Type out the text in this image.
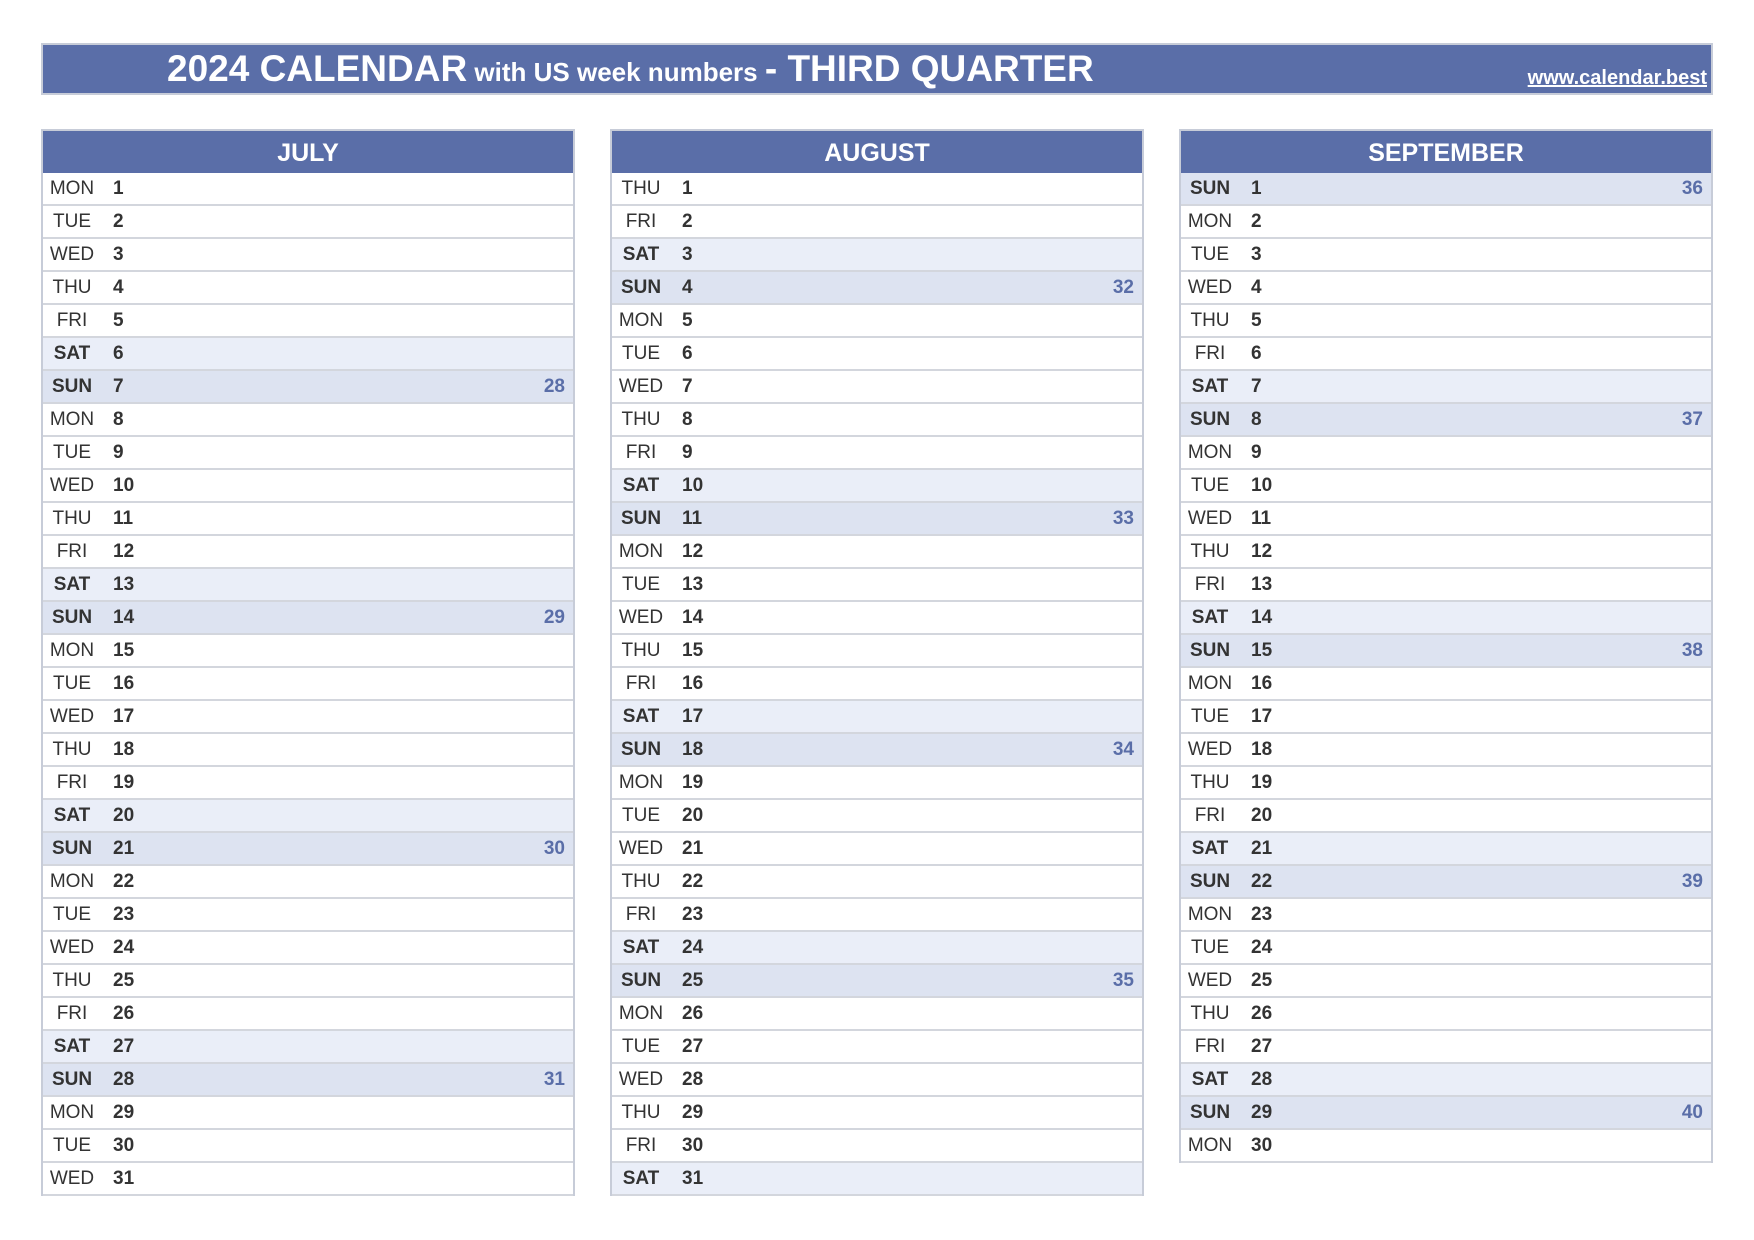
2024 CALENDAR with US week numbers - THIRD QUARTER	www.calendar.best
JULY
MON 1
TUE	2
WED 3
THU	4
FRI	5
SAT	6
SUN	7	28
MON 8
TUE	9
WED 10
THU	11
FRI	12
SAT	13
SUN	14	29
MON 15
TUE	16
WED 17
THU	18
FRI	19
SAT	20
SUN	21	30
MON 22
TUE	23
WED 24
THU	25
FRI	26
SAT	27
SUN	28	31
MON 29
TUE	30
WED 31
AUGUST
THU	1
FRI	2
SAT	3
SUN	4	32
MON 5
TUE	6
WED 7
THU	8
FRI	9
SAT	10
SUN	11	33
MON 12
TUE	13
WED 14
THU	15
FRI	16
SAT	17
SUN	18	34
MON 19
TUE	20
WED 21
THU	22
FRI	23
SAT	24
SUN	25	35
MON 26
TUE	27
WED 28
THU	29
FRI	30
SAT	31
SEPTEMBER
SUN	1	36
MON 2
TUE	3
WED 4
THU	5
FRI	6
SAT	7
SUN	8	37
MON 9
TUE	10
WED 11
THU	12
FRI	13
SAT	14
SUN	15	38
MON 16
TUE	17
WED 18
THU	19
FRI	20
SAT	21
SUN	22	39
MON 23
TUE	24
WED 25
THU	26
FRI	27
SAT	28
SUN	29	40
MON 30
